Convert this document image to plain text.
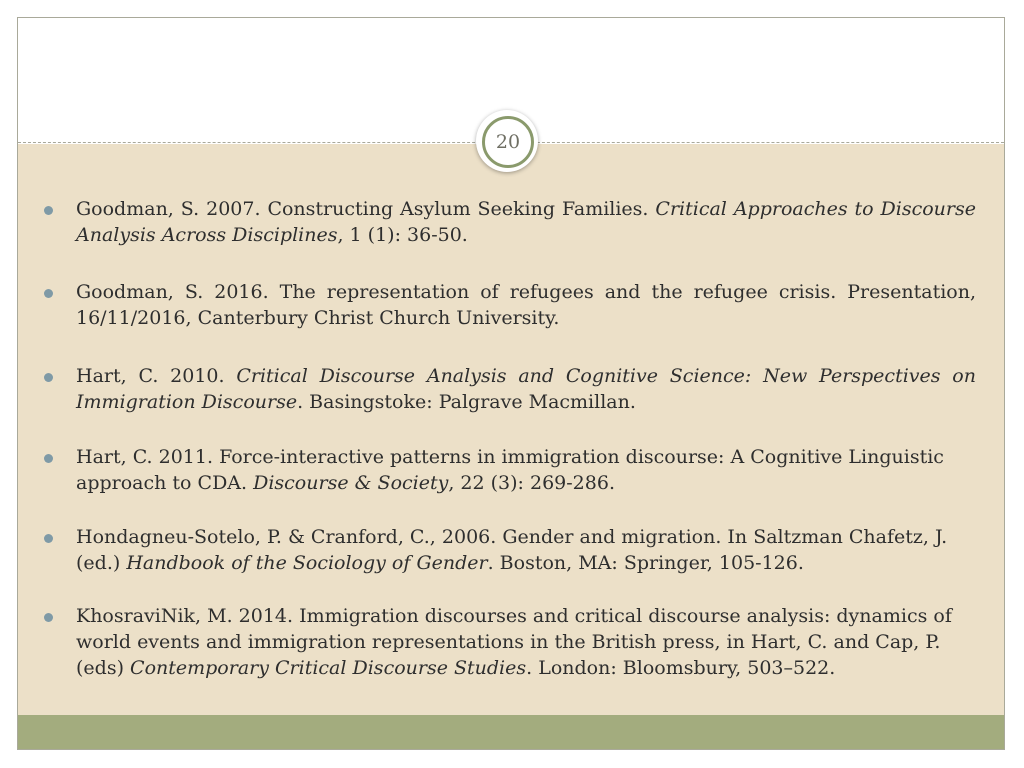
20

Goodman, S. 2007. Constructing Asylum Seeking Families. Critical Approaches to Discourse Analysis Across Disciplines, 1 (1): 36-50.

Goodman, S. 2016. The representation of refugees and the refugee crisis. Presentation, 16/11/2016, Canterbury Christ Church University.

Hart, C. 2010. Critical Discourse Analysis and Cognitive Science: New Perspectives on Immigration Discourse. Basingstoke: Palgrave Macmillan.

Hart, C. 2011. Force-interactive patterns in immigration discourse: A Cognitive Linguistic approach to CDA. Discourse & Society, 22 (3): 269-286.

Hondagneu-Sotelo, P. & Cranford, C., 2006. Gender and migration. In Saltzman Chafetz, J. (ed.) Handbook of the Sociology of Gender. Boston, MA: Springer, 105-126.

KhosraviNik, M. 2014. Immigration discourses and critical discourse analysis: dynamics of world events and immigration representations in the British press, in Hart, C. and Cap, P. (eds) Contemporary Critical Discourse Studies. London: Bloomsbury, 503–522.
